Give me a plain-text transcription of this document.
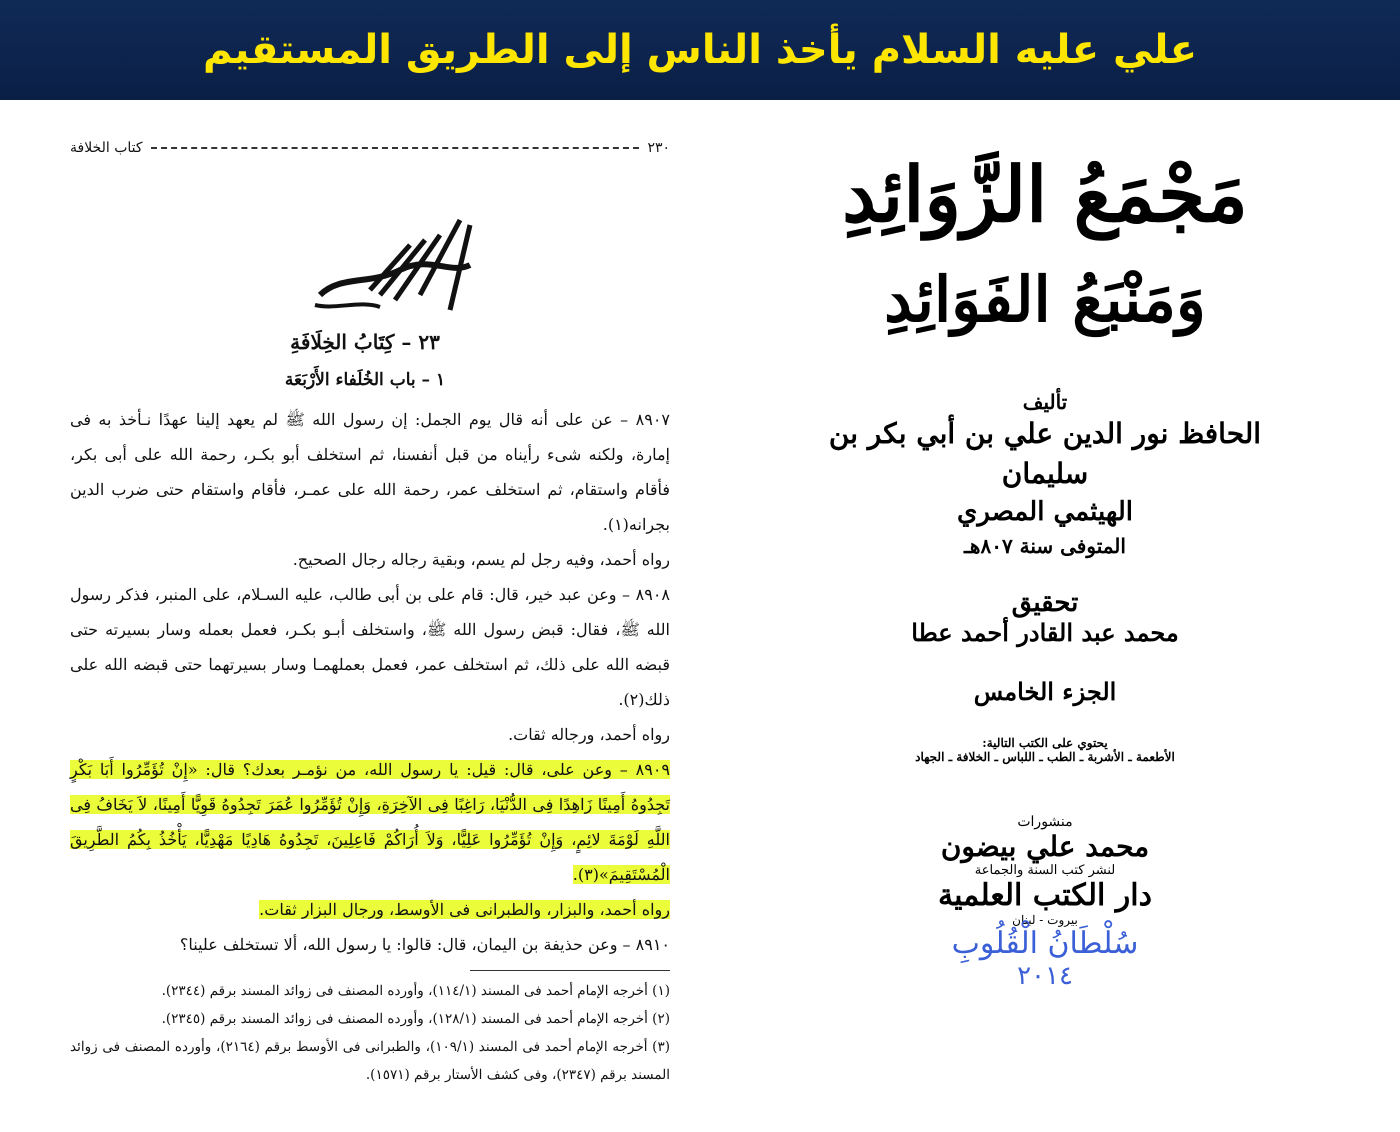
علي عليه السلام يأخذ الناس إلى الطريق المستقيم
٢٣٠
كتاب الخلافة
٢٣ – كِتَابُ الخِلَافَةِ
١ – باب الخُلَفاء الأَرْبَعَة

٨٩٠٧ – عن على أنه قال يوم الجمل: إن رسول الله ﷺ لم يعهد إلينا عهدًا نـأخذ به فى إمارة، ولكنه شىء رأيناه من قبل أنفسنا، ثم استخلف أبو بكـر، رحمة الله على أبى بكر، فأقام واستقام، ثم استخلف عمر، رحمة الله على عمـر، فأقام واستقام حتى ضرب الدين بجرانه(١).

رواه أحمد، وفيه رجل لم يسم، وبقية رجاله رجال الصحيح.

٨٩٠٨ – وعن عبد خير، قال: قام على بن أبى طالب، عليه السـلام، على المنبر، فذكر رسول الله ﷺ، فقال: قبض رسول الله ﷺ، واستخلف أبـو بكـر، فعمل بعمله وسار بسيرته حتى قبضه الله على ذلك، ثم استخلف عمر، فعمل بعملهمـا وسار بسيرتهما حتى قبضه الله على ذلك(٢).

رواه أحمد، ورجاله ثقات.

٨٩٠٩ – وعن على، قال: قيل: يا رسول الله، من نؤمـر بعدك؟ قال: «إِنْ تُؤَمِّرُوا أَبَا بَكْرٍ تَجِدُوهُ أَمِينًا زَاهِدًا فِى الدُّنْيَا، رَاغِبًا فِى الآخِرَةِ، وَإِنْ تُؤَمِّرُوا عُمَرَ تَجِدُوهُ قَوِيًّا أَمِينًا، لاَ يَخَافُ فِى اللَّهِ لَوْمَةَ لائِمٍ، وَإِنْ تُؤَمِّرُوا عَلِيًّا، وَلاَ أُرَاكُمْ فَاعِلِينَ، تَجِدُوهُ هَادِيًا مَهْدِيًّا، يَأْخُذُ بِكُمُ الطَّرِيقَ الْمُسْتَقِيمَ»(٣).

رواه أحمد، والبزار، والطبرانى فى الأوسط، ورجال البزار ثقات.

٨٩١٠ – وعن حذيفة بن اليمان، قال: قالوا: يا رسول الله، ألا تستخلف علينا؟

(١) أخرجه الإمام أحمد فى المسند (١١٤/١)، وأورده المصنف فى زوائد المسند برقم (٢٣٤٤).

(٢) أخرجه الإمام أحمد فى المسند (١٢٨/١)، وأورده المصنف فى زوائد المسند برقم (٢٣٤٥).

(٣) أخرجه الإمام أحمد فى المسند (١٠٩/١)، والطبرانى فى الأوسط برقم (٢١٦٤)، وأورده المصنف فى زوائد المسند برقم (٢٣٤٧)، وفى كشف الأستار برقم (١٥٧١).

مَجْمَعُ الزَّوَائِدِ
وَمَنْبَعُ الفَوَائِدِ
تأليف
الحافظ نور الدين علي بن أبي بكر بن سليمان
الهيثمي المصري
المتوفى سنة ٨٠٧هـ
تحقيق
محمد عبد القادر أحمد عطا
الجزء الخامس
يحتوي على الكتب التالية:
الأطعمة ـ الأشربة ـ الطب ـ اللباس ـ الخلافة ـ الجهاد
منشورات
محمد علي بيضون
لنشر كتب السنة والجماعة
دار الكتب العلمية
بيروت - لبنان
سُلْطَانُ الْقُلُوبِ
٢٠١٤
